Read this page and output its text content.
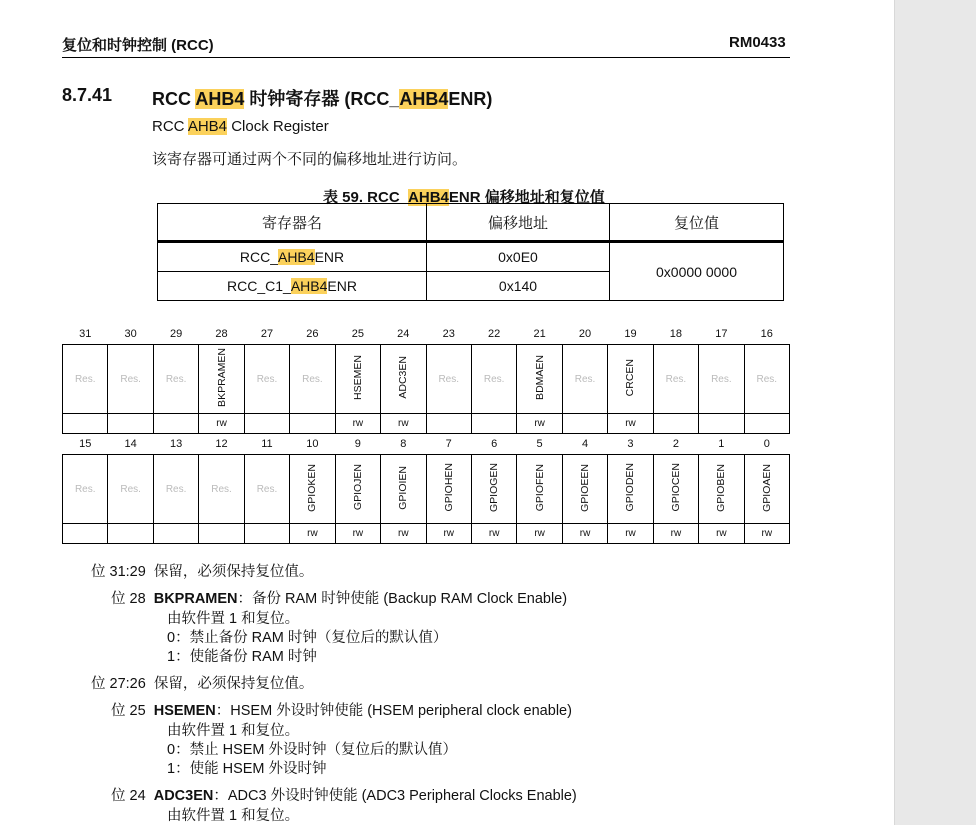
复位和时钟控制 (RCC)	RM0433
8.7.41 RCC AHB4 时钟寄存器 (RCC_AHB4ENR)
RCC AHB4 Clock Register
该寄存器可通过两个不同的偏移地址进行访问。
表 59. RCC_AHB4ENR 偏移地址和复位值
寄存器名	偏移地址	复位值
RCC_AHB4ENR	0x0E0	0x0000 0000
RCC_C1_AHB4ENR	0x140	
31	30	29	28	27	26	25	24	23	22	21	20	19	18	17	16
Res.	Res.	Res.	BKPRAMEN	Res.	Res.	HSEMEN	ADC3EN	Res.	Res.	BDMAEN	Res.	CRCEN	Res.	Res.	Res.
			rw			rw	rw			rw		rw			
15	14	13	12	11	10	9	8	7	6	5	4	3	2	1	0
Res.	Res.	Res.	Res.	Res.	GPIOKEN	GPIOJEN	GPIOIEN	GPIOHEN	GPIOGEN	GPIOFEN	GPIOEEN	GPIODEN	GPIOCEN	GPIOBEN	GPIOAEN
					rw	rw	rw	rw	rw	rw	rw	rw	rw	rw	rw
位 31:29 保留，必须保持复位值。
位 28 BKPRAMEN：备份 RAM 时钟使能 (Backup RAM Clock Enable)
由软件置 1 和复位。
0：禁止备份 RAM 时钟（复位后的默认值）
1：使能备份 RAM 时钟
位 27:26 保留，必须保持复位值。
位 25 HSEMEN：HSEM 外设时钟使能 (HSEM peripheral clock enable)
由软件置 1 和复位。
0：禁止 HSEM 外设时钟（复位后的默认值）
1：使能 HSEM 外设时钟
位 24 ADC3EN：ADC3 外设时钟使能 (ADC3 Peripheral Clocks Enable)
由软件置 1 和复位。
